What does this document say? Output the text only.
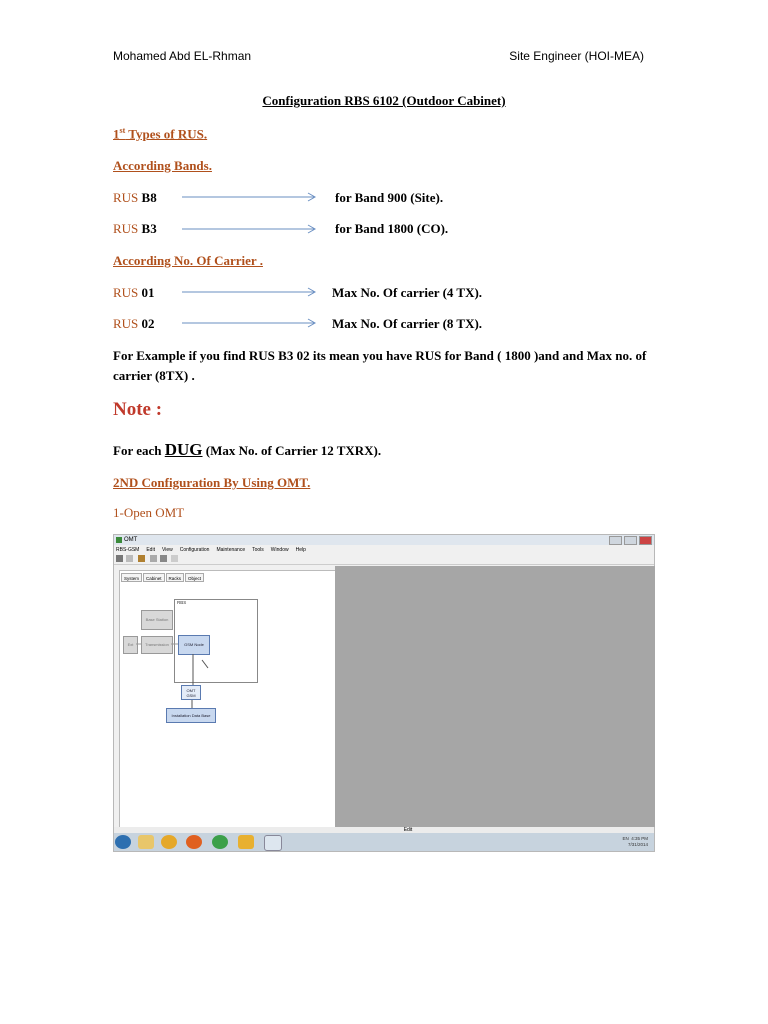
Mohamed Abd EL-Rhman	Site Engineer (HOI-MEA)
Configuration RBS 6102 (Outdoor Cabinet)
1st Types of RUS.
According Bands.
RUS B8	for Band 900 (Site).
RUS B3	for Band 1800 (CO).
According No. Of Carrier .
RUS 01	Max No. Of carrier (4 TX).
RUS 02	Max No. Of carrier (8 TX).
For Example if you find RUS B3 02 its mean you have RUS for Band ( 1800 )and and Max no. of carrier (8TX) .
Note :
For each DUG (Max No. of Carrier 12 TXRX).
2ND Configuration By Using OMT.
1-Open OMT
OMT
RBS-GSM Edit View Configuration Maintenance Tools Window Help
System	Cabinet	Racks	Object
RBS
Base Station
Ext	Transmission	GSM Node
OMT
GSM
Installation Data Base
Edit
EN 4:35 PM
7/31/2014
